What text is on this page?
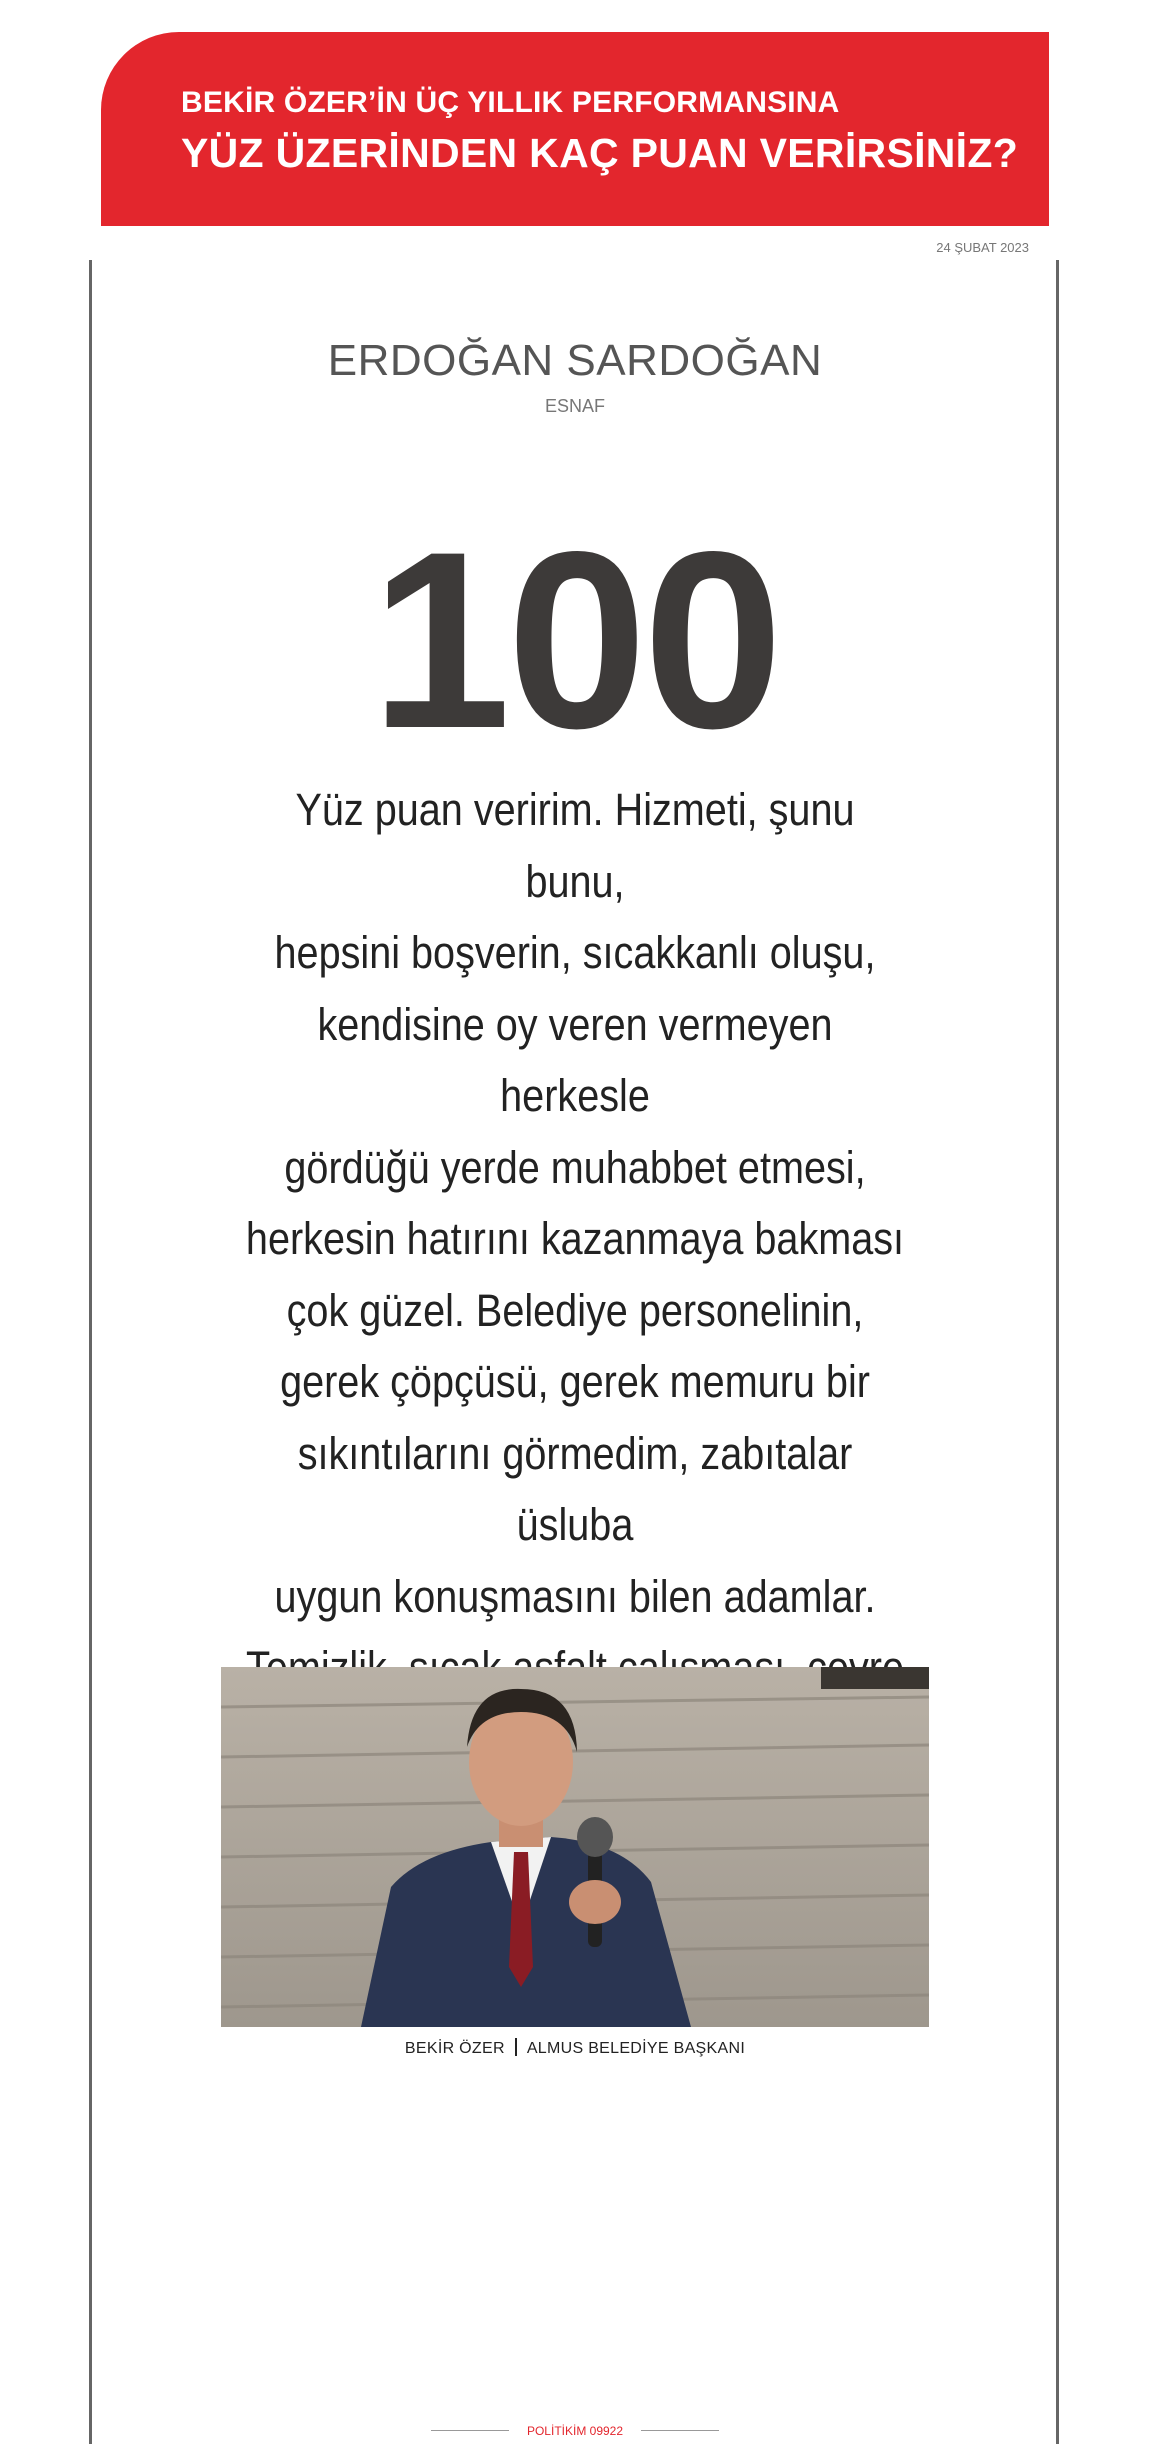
BEKİR ÖZER’İN ÜÇ YILLIK PERFORMANSINA
YÜZ ÜZERİNDEN KAÇ PUAN VERİRSİNİZ?
24 ŞUBAT 2023
ERDOĞAN SARDOĞAN
ESNAF
100
Yüz puan veririm. Hizmeti, şunu bunu,
hepsini boşverin, sıcakkanlı oluşu,
kendisine oy veren vermeyen herkesle
gördüğü yerde muhabbet etmesi,
herkesin hatırını kazanmaya bakması
çok güzel. Belediye personelinin,
gerek çöpçüsü, gerek memuru bir
sıkıntılarını görmedim, zabıtalar üsluba
uygun konuşmasını bilen adamlar.
BEKİR ÖZER ALMUS BELEDİYE BAŞKANI
POLİTİKİM 09922
